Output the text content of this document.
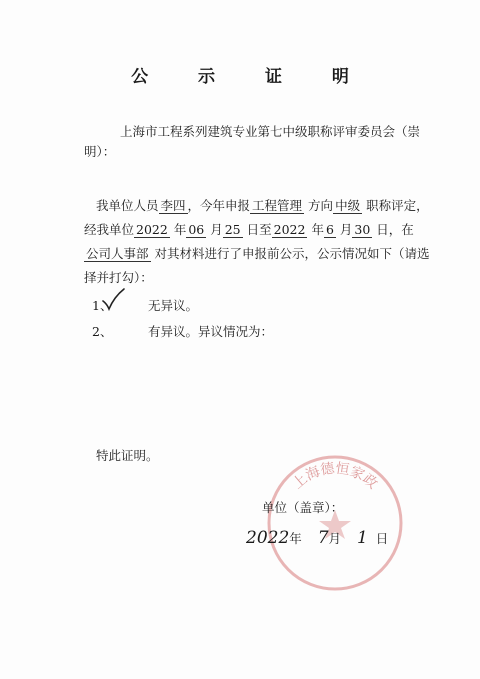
公 示 证 明
上海市工程系列建筑专业第七中级职称评审委员会（崇
明）：
我单位人员 李四 ，今年申报 工程管理 方向 中级 职称评定，
经我单位 2022 年 06 月 25 日至 2022 年 6 月 30 日，在
公司人事部 对其材料进行了申报前公示，公示情况如下（请选
择并打勾）：
1、	无异议。
2、	有异议。异议情况为：
特此证明。
上海德恒家政
单位（盖章）：
2022年 7月 1 日
